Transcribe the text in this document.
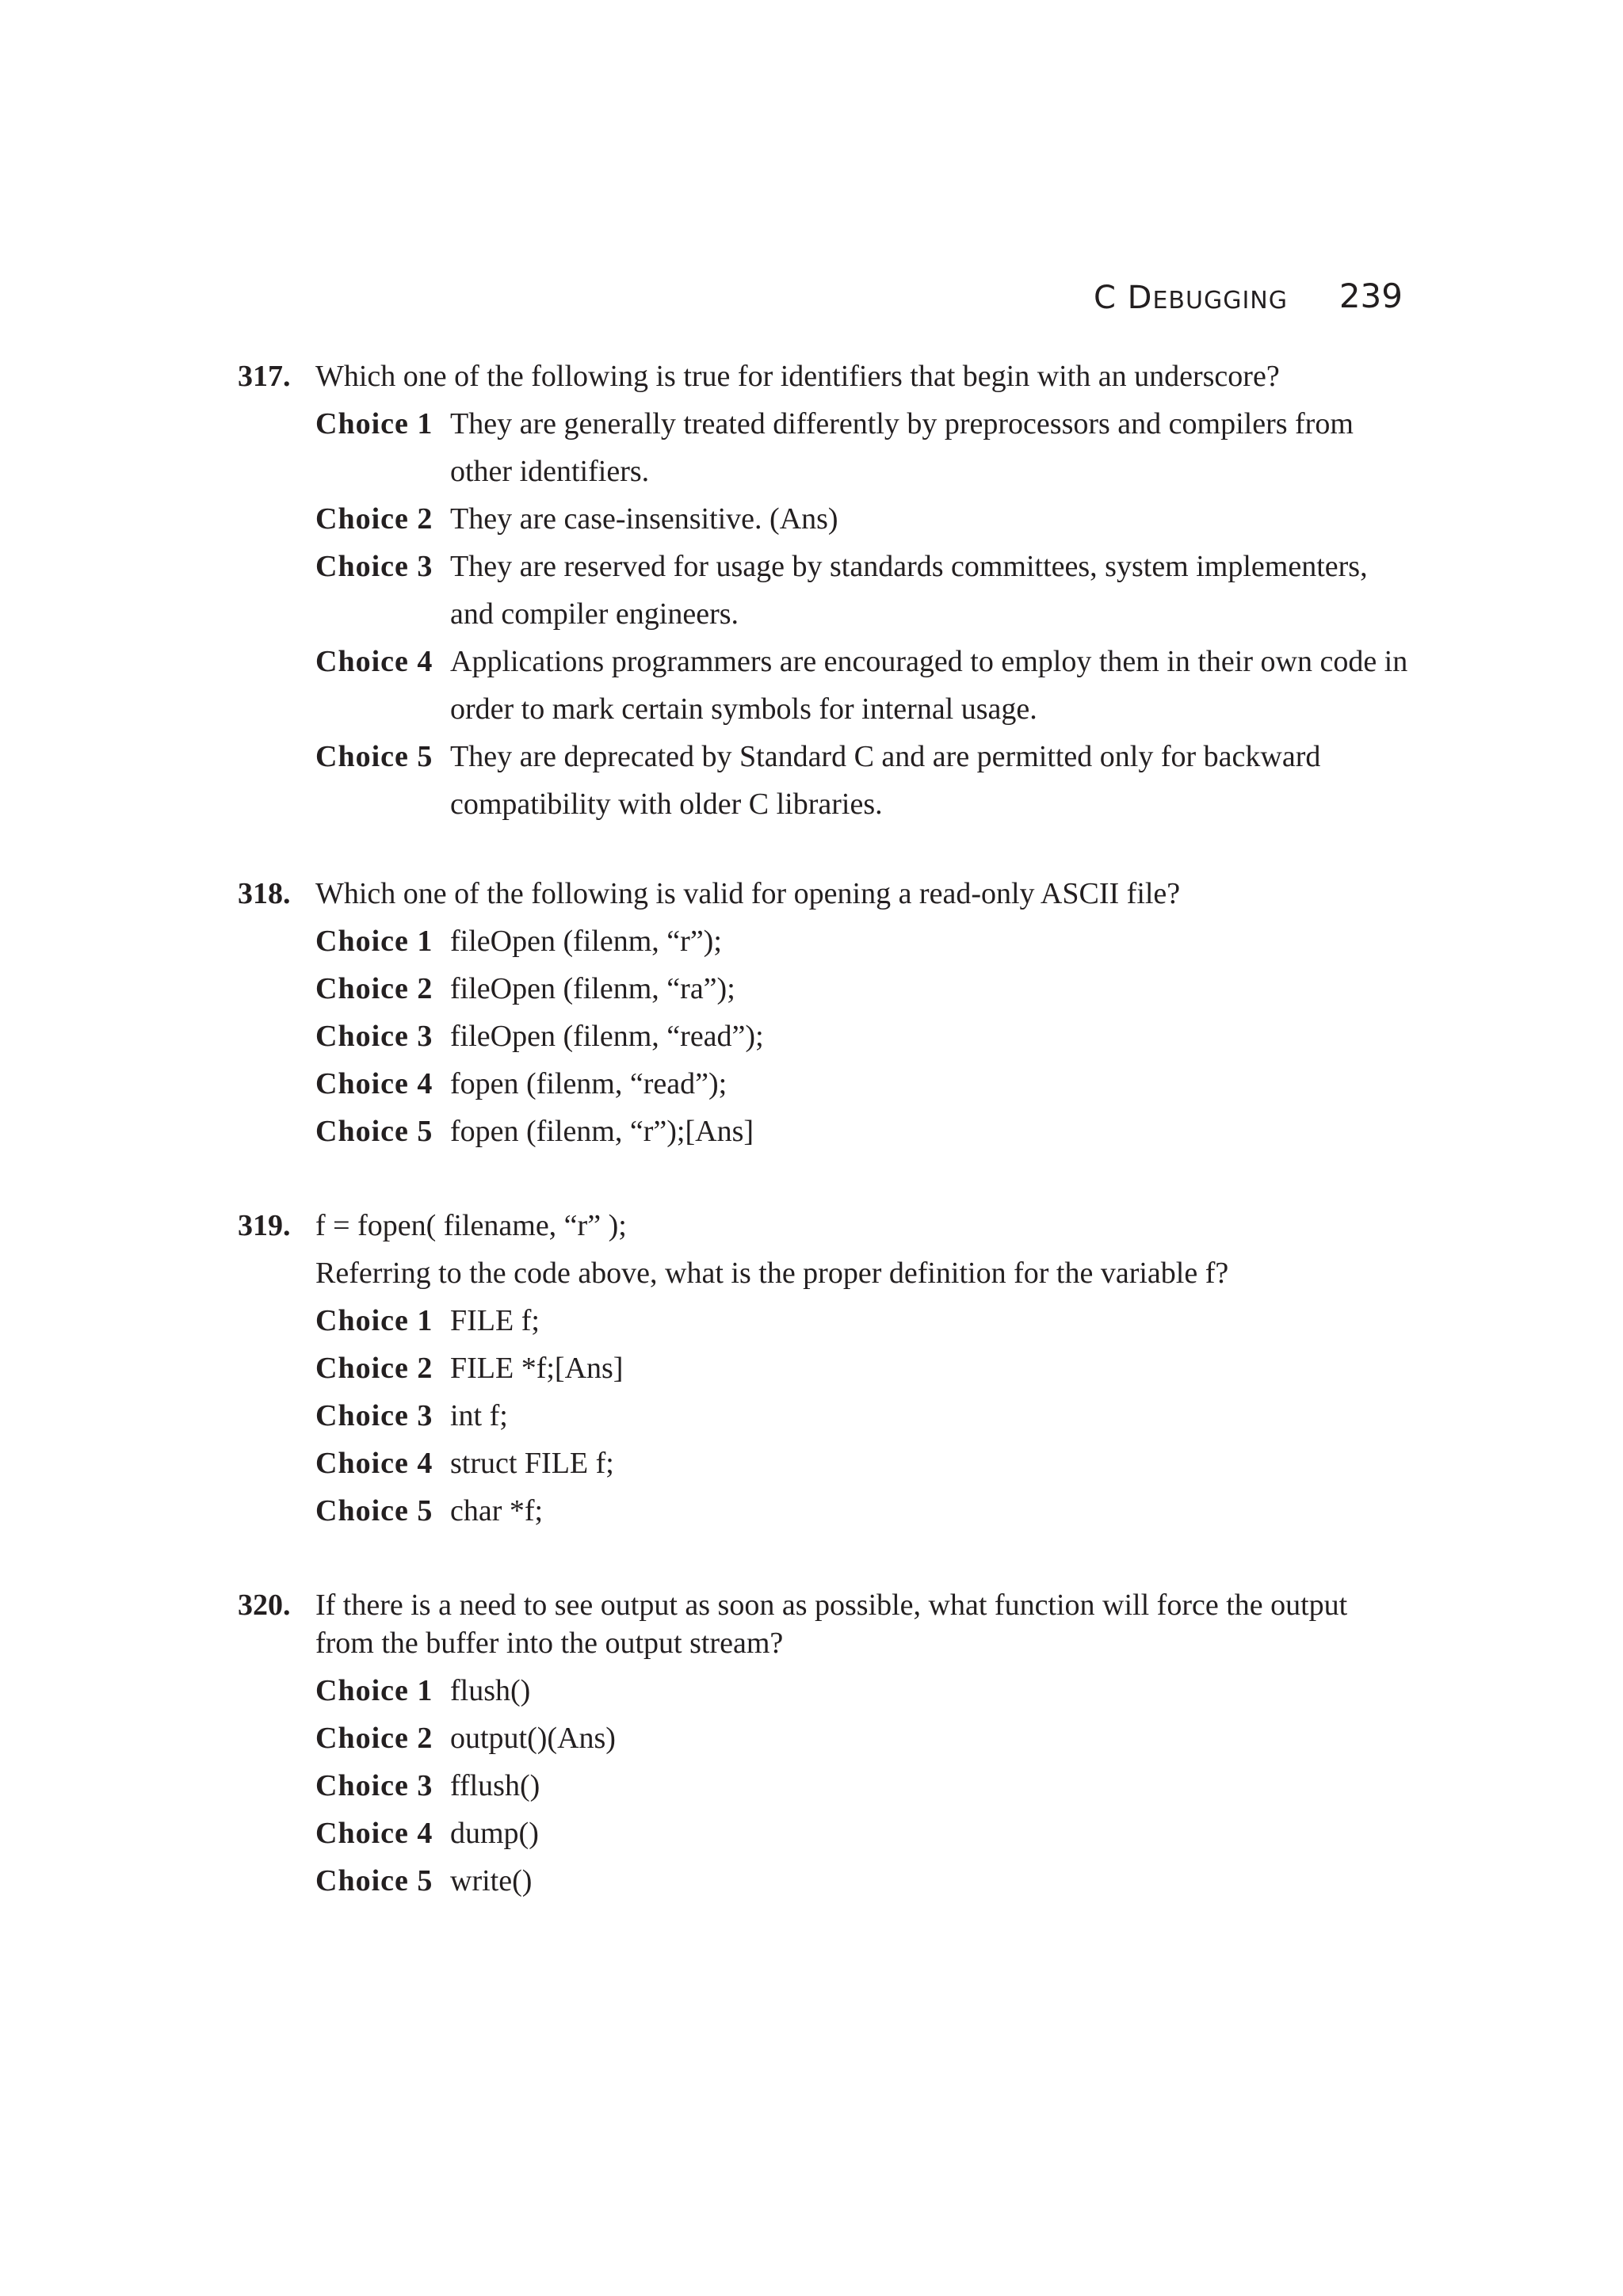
C DEBUGGING 239
317. Which one of the following is true for identifiers that begin with an underscore?
Choice 1 They are generally treated differently by preprocessors and compilers from other identifiers.
Choice 2 They are case-insensitive. (Ans)
Choice 3 They are reserved for usage by standards committees, system implementers, and compiler engineers.
Choice 4 Applications programmers are encouraged to employ them in their own code in order to mark certain symbols for internal usage.
Choice 5 They are deprecated by Standard C and are permitted only for backward compatibility with older C libraries.
318. Which one of the following is valid for opening a read-only ASCII file?
Choice 1 fileOpen (filenm, “r”);
Choice 2 fileOpen (filenm, “ra”);
Choice 3 fileOpen (filenm, “read”);
Choice 4 fopen (filenm, “read”);
Choice 5 fopen (filenm, “r”);[Ans]
319. f = fopen( filename, “r” );
Referring to the code above, what is the proper definition for the variable f?
Choice 1 FILE f;
Choice 2 FILE *f;[Ans]
Choice 3 int f;
Choice 4 struct FILE f;
Choice 5 char *f;
320. If there is a need to see output as soon as possible, what function will force the output from the buffer into the output stream?
Choice 1 flush()
Choice 2 output()(Ans)
Choice 3 fflush()
Choice 4 dump()
Choice 5 write()
